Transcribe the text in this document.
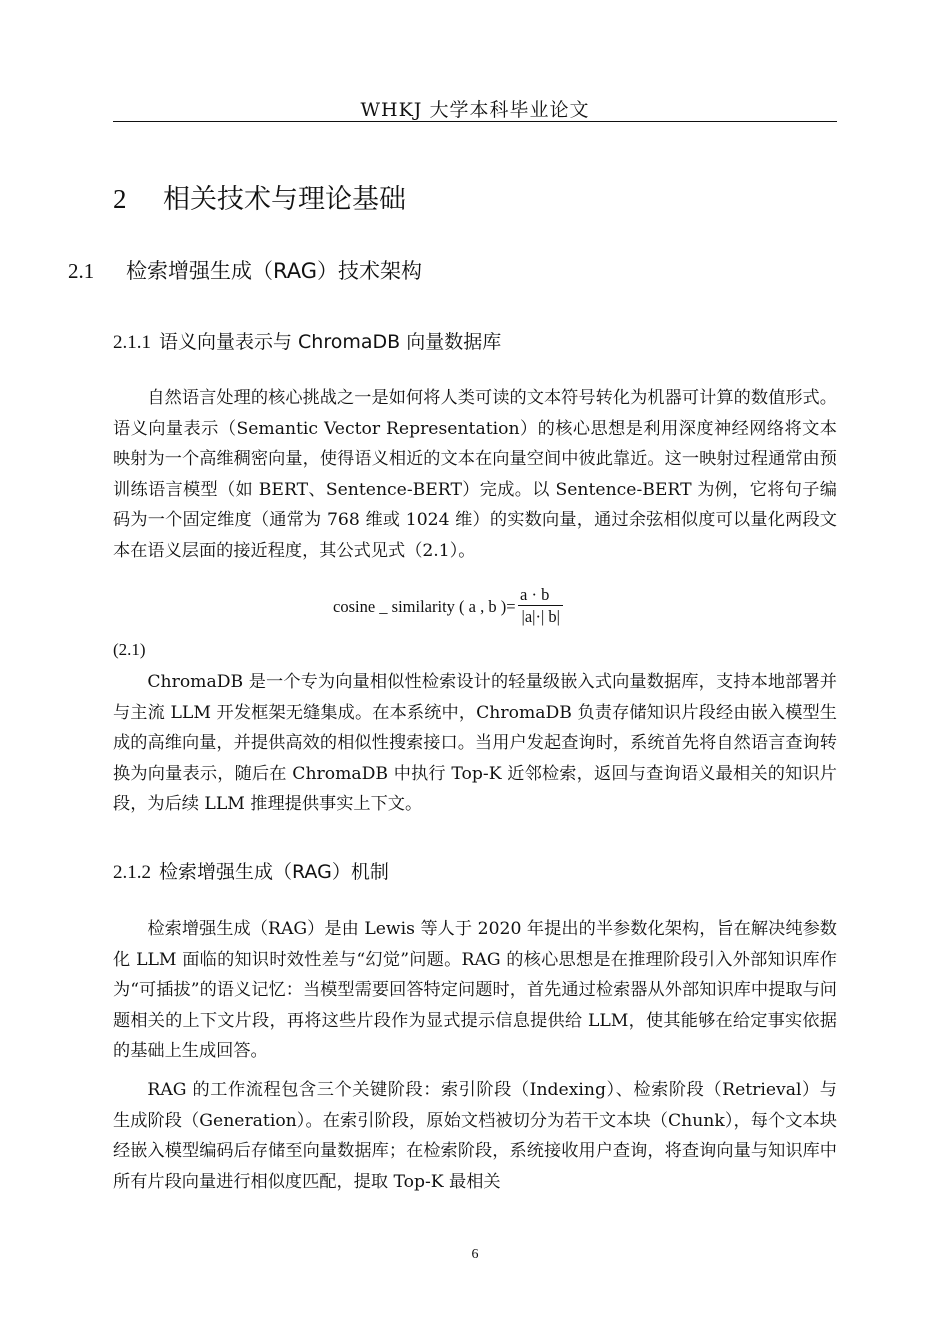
WHKJ 大学本科毕业论文
2 相关技术与理论基础
2.1 检索增强生成（RAG）技术架构
2.1.1 语义向量表示与 ChromaDB 向量数据库

自然语言处理的核心挑战之一是如何将人类可读的文本符号转化为机器可计算的数值形式。语义向量表示（Semantic Vector Representation）的核心思想是利用深度神经网络将文本映射为一个高维稠密向量，使得语义相近的文本在向量空间中彼此靠近。这一映射过程通常由预训练语言模型（如 BERT、Sentence-BERT）完成。以 Sentence-BERT 为例，它将句子编码为一个固定维度（通常为 768 维或 1024 维）的实数向量，通过余弦相似度可以量化两段文本在语义层面的接近程度，其公式见式（2.1）。

cosine _ similarity ( a , b )= $\frac{a \cdot b}{|a|\cdot| b|}$
(2.1)

ChromaDB 是一个专为向量相似性检索设计的轻量级嵌入式向量数据库，支持本地部署并与主流 LLM 开发框架无缝集成。在本系统中，ChromaDB 负责存储知识片段经由嵌入模型生成的高维向量，并提供高效的相似性搜索接口。当用户发起查询时，系统首先将自然语言查询转换为向量表示，随后在 ChromaDB 中执行 Top-K 近邻检索，返回与查询语义最相关的知识片段，为后续 LLM 推理提供事实上下文。

2.1.2 检索增强生成（RAG）机制

检索增强生成（RAG）是由 Lewis 等人于 2020 年提出的半参数化架构，旨在解决纯参数化 LLM 面临的知识时效性差与“幻觉”问题。RAG 的核心思想是在推理阶段引入外部知识库作为“可插拔”的语义记忆：当模型需要回答特定问题时，首先通过检索器从外部知识库中提取与问题相关的上下文片段，再将这些片段作为显式提示信息提供给 LLM，使其能够在给定事实依据的基础上生成回答。

RAG 的工作流程包含三个关键阶段：索引阶段（Indexing）、检索阶段（Retrieval）与生成阶段（Generation）。在索引阶段，原始文档被切分为若干文本块（Chunk），每个文本块经嵌入模型编码后存储至向量数据库；在检索阶段，系统接收用户查询，将查询向量与知识库中所有片段向量进行相似度匹配，提取 Top-K 最相关

6
